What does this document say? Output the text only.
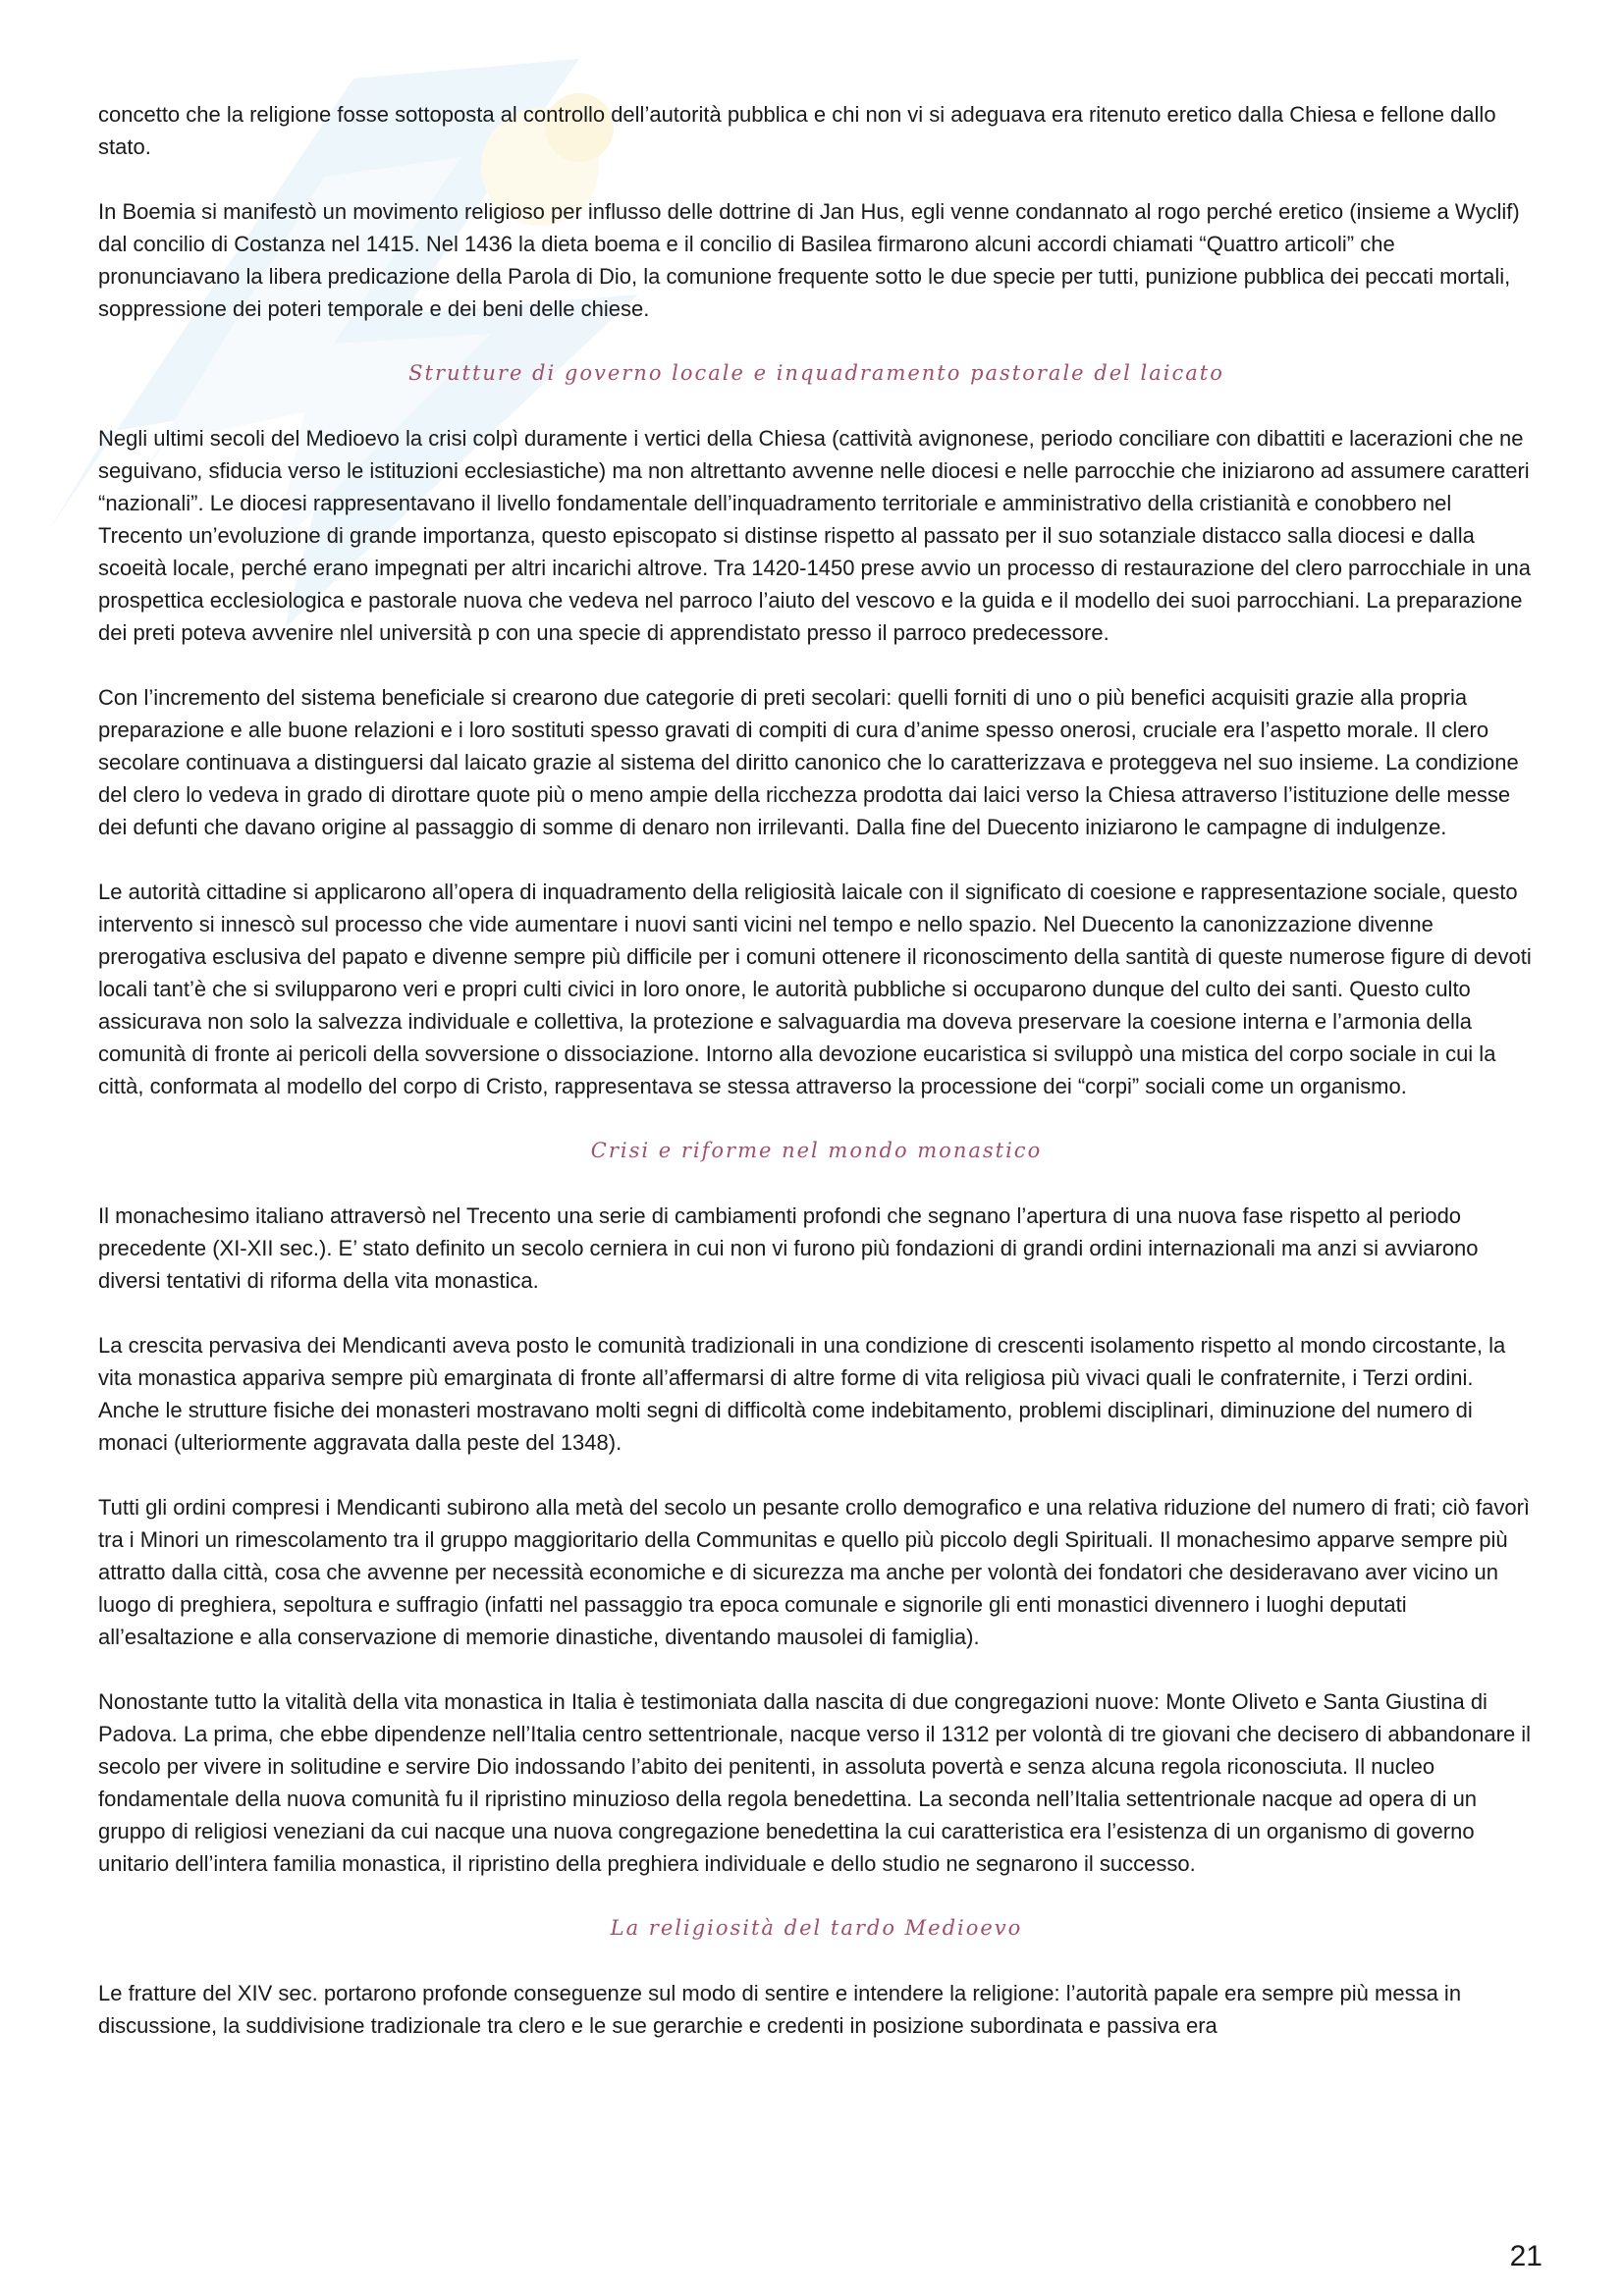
concetto che la religione fosse sottoposta al controllo dell’autorità pubblica e chi non vi si adeguava era ritenuto eretico dalla Chiesa e fellone dallo stato.

In Boemia si manifestò un movimento religioso per influsso delle dottrine di Jan Hus, egli venne condannato al rogo perché eretico (insieme a Wyclif) dal concilio di Costanza nel 1415. Nel 1436 la dieta boema e il concilio di Basilea firmarono alcuni accordi chiamati “Quattro articoli” che pronunciavano la libera predicazione della Parola di Dio, la comunione frequente sotto le due specie per tutti, punizione pubblica dei peccati mortali, soppressione dei poteri temporale e dei beni delle chiese.

Strutture di governo locale e inquadramento pastorale del laicato

Negli ultimi secoli del Medioevo la crisi colpì duramente i vertici della Chiesa (cattività avignonese, periodo conciliare con dibattiti e lacerazioni che ne seguivano, sfiducia verso le istituzioni ecclesiastiche) ma non altrettanto avvenne nelle diocesi e nelle parrocchie che iniziarono ad assumere caratteri “nazionali”. Le diocesi rappresentavano il livello fondamentale dell’inquadramento territoriale e amministrativo della cristianità e conobbero nel Trecento un’evoluzione di grande importanza, questo episcopato si distinse rispetto al passato per il suo sotanziale distacco salla diocesi e dalla scoeità locale, perché erano impegnati per altri incarichi altrove. Tra 1420-1450 prese avvio un processo di restaurazione del clero parrocchiale in una prospettica ecclesiologica e pastorale nuova che vedeva nel parroco l’aiuto del vescovo e la guida e il modello dei suoi parrocchiani. La preparazione dei preti poteva avvenire nlel università p con una specie di apprendistato presso il parroco predecessore.

Con l’incremento del sistema beneficiale si crearono due categorie di preti secolari: quelli forniti di uno o più benefici acquisiti grazie alla propria preparazione e alle buone relazioni e i loro sostituti spesso gravati di compiti di cura d’anime spesso onerosi, cruciale era l’aspetto morale. Il clero secolare continuava a distinguersi dal laicato grazie al sistema del diritto canonico che lo caratterizzava e proteggeva nel suo insieme. La condizione del clero lo vedeva in grado di dirottare quote più o meno ampie della ricchezza prodotta dai laici verso la Chiesa attraverso l’istituzione delle messe dei defunti che davano origine al passaggio di somme di denaro non irrilevanti. Dalla fine del Duecento iniziarono le campagne di indulgenze.

Le autorità cittadine si applicarono all’opera di inquadramento della religiosità laicale con il significato di coesione e rappresentazione sociale, questo intervento si innescò sul processo che vide aumentare i nuovi santi vicini nel tempo e nello spazio. Nel Duecento la canonizzazione divenne prerogativa esclusiva del papato e divenne sempre più difficile per i comuni ottenere il riconoscimento della santità di queste numerose figure di devoti locali tant’è che si svilupparono veri e propri culti civici in loro onore, le autorità pubbliche si occuparono dunque del culto dei santi. Questo culto assicurava non solo la salvezza individuale e collettiva, la protezione e salvaguardia ma doveva preservare la coesione interna e l’armonia della comunità di fronte ai pericoli della sovversione o dissociazione. Intorno alla devozione eucaristica si sviluppò una mistica del corpo sociale in cui la città, conformata al modello del corpo di Cristo, rappresentava se stessa attraverso la processione dei “corpi” sociali come un organismo.

Crisi e riforme nel mondo monastico

Il monachesimo italiano attraversò nel Trecento una serie di cambiamenti profondi che segnano l’apertura di una nuova fase rispetto al periodo precedente (XI-XII sec.). E’ stato definito un secolo cerniera in cui non vi furono più fondazioni di grandi ordini internazionali ma anzi si avviarono diversi tentativi di riforma della vita monastica.

La crescita pervasiva dei Mendicanti aveva posto le comunità tradizionali in una condizione di crescenti isolamento rispetto al mondo circostante, la vita monastica appariva sempre più emarginata di fronte all’affermarsi di altre forme di vita religiosa più vivaci quali le confraternite, i Terzi ordini. Anche le strutture fisiche dei monasteri mostravano molti segni di difficoltà come indebitamento, problemi disciplinari, diminuzione del numero di monaci (ulteriormente aggravata dalla peste del 1348).

Tutti gli ordini compresi i Mendicanti subirono alla metà del secolo un pesante crollo demografico e una relativa riduzione del numero di frati; ciò favorì tra i Minori un rimescolamento tra il gruppo maggioritario della Communitas e quello più piccolo degli Spirituali. Il monachesimo apparve sempre più attratto dalla città, cosa che avvenne per necessità economiche e di sicurezza ma anche per volontà dei fondatori che desideravano aver vicino un luogo di preghiera, sepoltura e suffragio (infatti nel passaggio tra epoca comunale e signorile gli enti monastici divennero i luoghi deputati all’esaltazione e alla conservazione di memorie dinastiche, diventando mausolei di famiglia).

Nonostante tutto la vitalità della vita monastica in Italia è testimoniata dalla nascita di due congregazioni nuove: Monte Oliveto e Santa Giustina di Padova. La prima, che ebbe dipendenze nell’Italia centro settentrionale, nacque verso il 1312 per volontà di tre giovani che decisero di abbandonare il secolo per vivere in solitudine e servire Dio indossando l’abito dei penitenti, in assoluta povertà e senza alcuna regola riconosciuta. Il nucleo fondamentale della nuova comunità fu il ripristino minuzioso della regola benedettina. La seconda nell’Italia settentrionale nacque ad opera di un gruppo di religiosi veneziani da cui nacque una nuova congregazione benedettina la cui caratteristica era l’esistenza di un organismo di governo unitario dell’intera familia monastica, il ripristino della preghiera individuale e dello studio ne segnarono il successo.

La religiosità del tardo Medioevo

Le fratture del XIV sec. portarono profonde conseguenze sul modo di sentire e intendere la religione: l’autorità papale era sempre più messa in discussione, la suddivisione tradizionale tra clero e le sue gerarchie e credenti in posizione subordinata e passiva era

21
